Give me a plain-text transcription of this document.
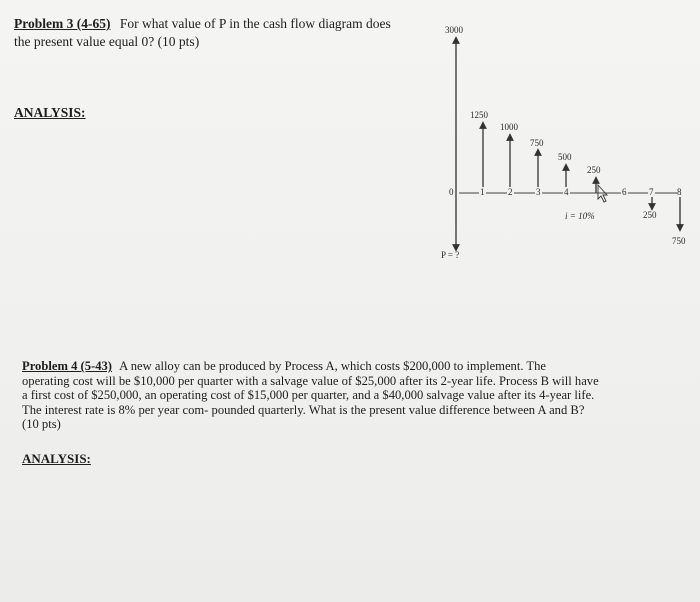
Problem 3 (4-65) For what value of P in the cash flow diagram does
the present value equal 0? (10 pts)
ANALYSIS:
3000
1250
1000
750
500
250
250
750
0	1	2	3	4	6	7	8
i = 10%
P = ?
Problem 4 (5-43) A new alloy can be produced by Process A, which costs $200,000 to implement. The
operating cost will be $10,000 per quarter with a salvage value of $25,000 after its 2-year life. Process B will have
a first cost of $250,000, an operating cost of $15,000 per quarter, and a $40,000 salvage value after its 4-year life.
The interest rate is 8% per year com- pounded quarterly. What is the present value difference between A and B?
(10 pts)
ANALYSIS:
